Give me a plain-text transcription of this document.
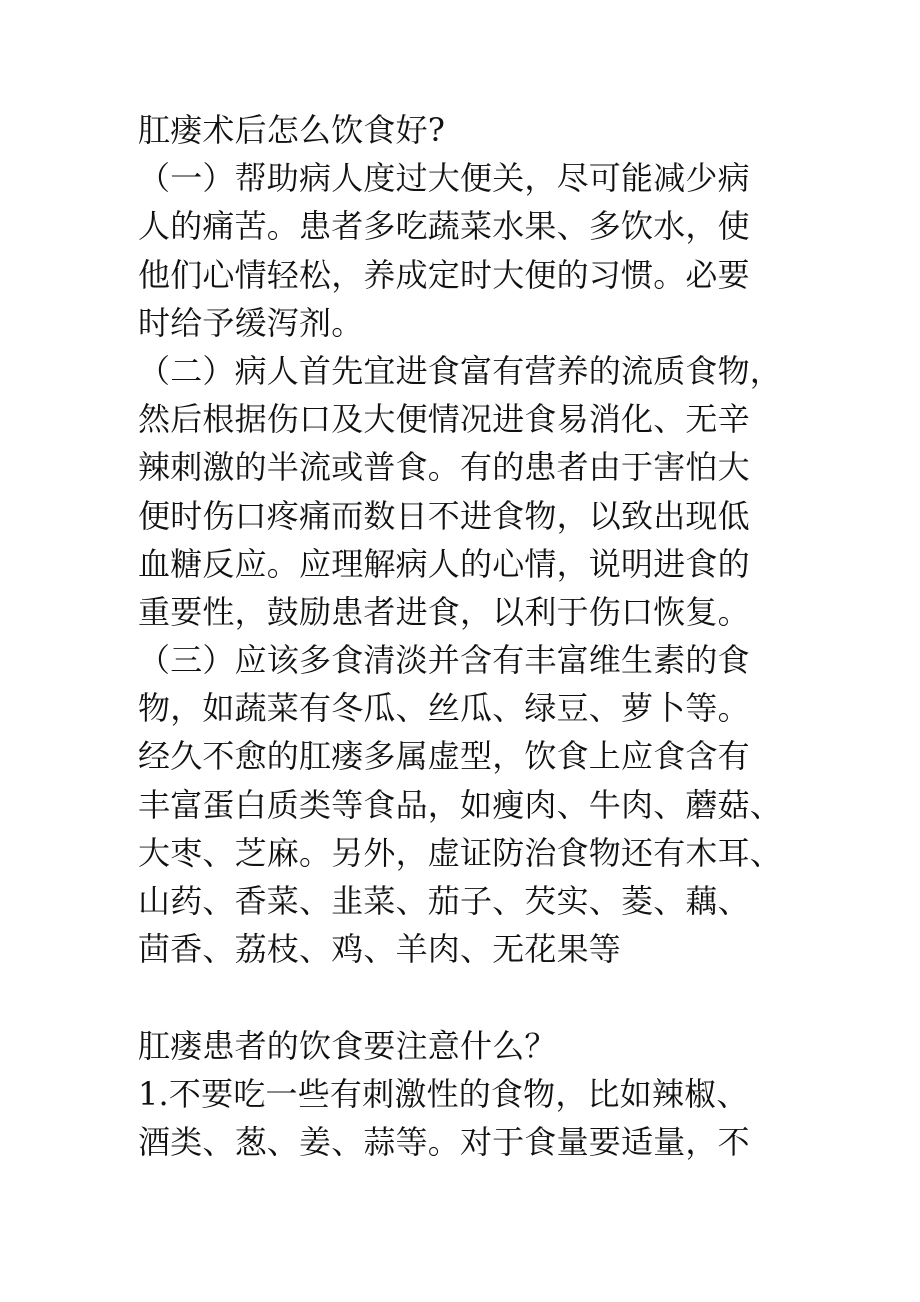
肛瘘术后怎么饮食好?
（一）帮助病人度过大便关，尽可能减少病
人的痛苦。患者多吃蔬菜水果、多饮水，使
他们心情轻松，养成定时大便的习惯。必要
时给予缓泻剂。
（二）病人首先宜进食富有营养的流质食物，
然后根据伤口及大便情况进食易消化、无辛
辣刺激的半流或普食。有的患者由于害怕大
便时伤口疼痛而数日不进食物，以致出现低
血糖反应。应理解病人的心情，说明进食的
重要性，鼓励患者进食，以利于伤口恢复。
（三）应该多食清淡并含有丰富维生素的食
物，如蔬菜有冬瓜、丝瓜、绿豆、萝卜等。
经久不愈的肛瘘多属虚型，饮食上应食含有
丰富蛋白质类等食品，如瘦肉、牛肉、蘑菇、
大枣、芝麻。另外，虚证防治食物还有木耳、
山药、香菜、韭菜、茄子、芡实、菱、藕、
茴香、荔枝、鸡、羊肉、无花果等
肛瘘患者的饮食要注意什么？
1.不要吃一些有刺激性的食物，比如辣椒、
酒类、葱、姜、蒜等。对于食量要适量，不
